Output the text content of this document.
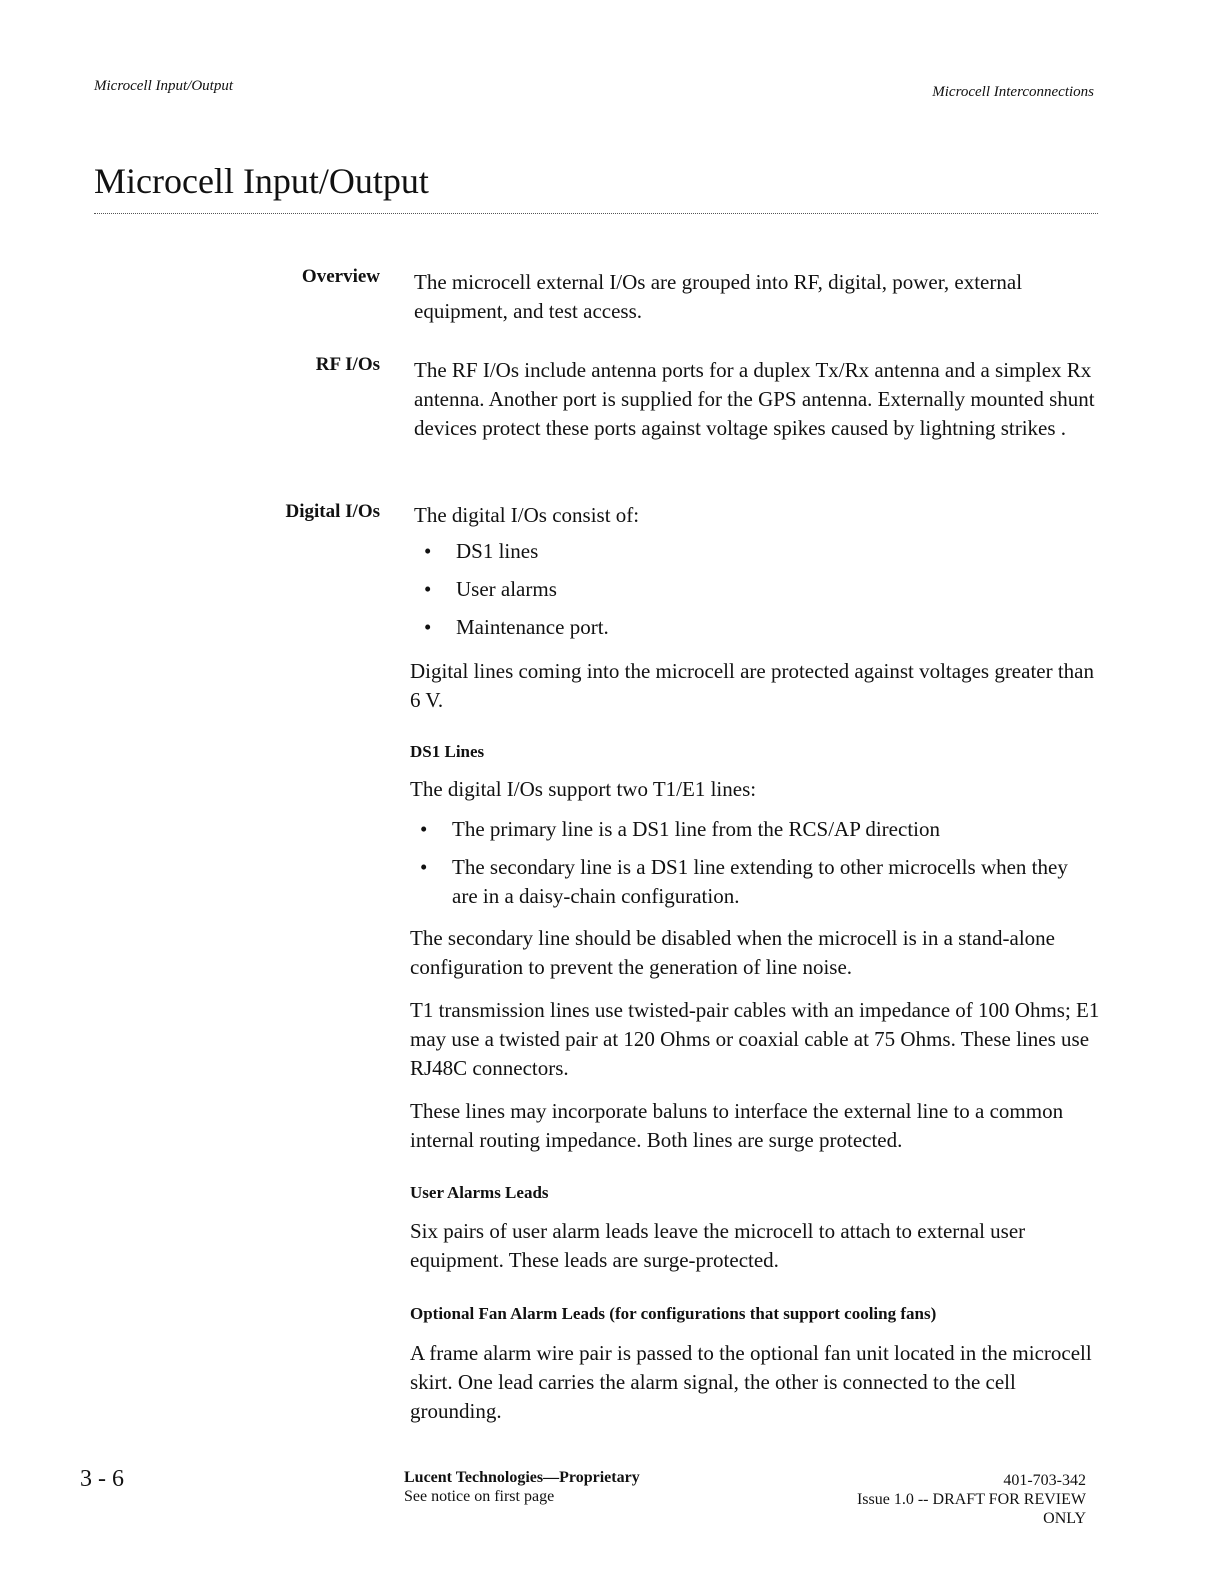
Microcell Input/Output	Microcell Interconnections
Microcell Input/Output
Overview The microcell external I/Os are grouped into RF, digital, power, external equipment, and test access.

RF I/Os The RF I/Os include antenna ports for a duplex Tx/Rx antenna and a simplex Rx antenna. Another port is supplied for the GPS antenna. Externally mounted shunt devices protect these ports against voltage spikes caused by lightning strikes .

Digital I/Os The digital I/Os consist of:

• DS1 lines
• User alarms
• Maintenance port.

Digital lines coming into the microcell are protected against voltages greater than 6 V.

DS1 Lines

The digital I/Os support two T1/E1 lines:

• The primary line is a DS1 line from the RCS/AP direction
• The secondary line is a DS1 line extending to other microcells when they are in a daisy-chain configuration.

The secondary line should be disabled when the microcell is in a stand-alone configuration to prevent the generation of line noise.

T1 transmission lines use twisted-pair cables with an impedance of 100 Ohms; E1 may use a twisted pair at 120 Ohms or coaxial cable at 75 Ohms. These lines use RJ48C connectors.

These lines may incorporate baluns to interface the external line to a common internal routing impedance. Both lines are surge protected.

User Alarms Leads

Six pairs of user alarm leads leave the microcell to attach to external user equipment. These leads are surge-protected.

Optional Fan Alarm Leads (for configurations that support cooling fans)

A frame alarm wire pair is passed to the optional fan unit located in the microcell skirt. One lead carries the alarm signal, the other is connected to the cell grounding.

3 - 6	Lucent Technologies—Proprietary
See notice on first page
401-703-342
Issue 1.0 -- DRAFT FOR REVIEW
ONLY
